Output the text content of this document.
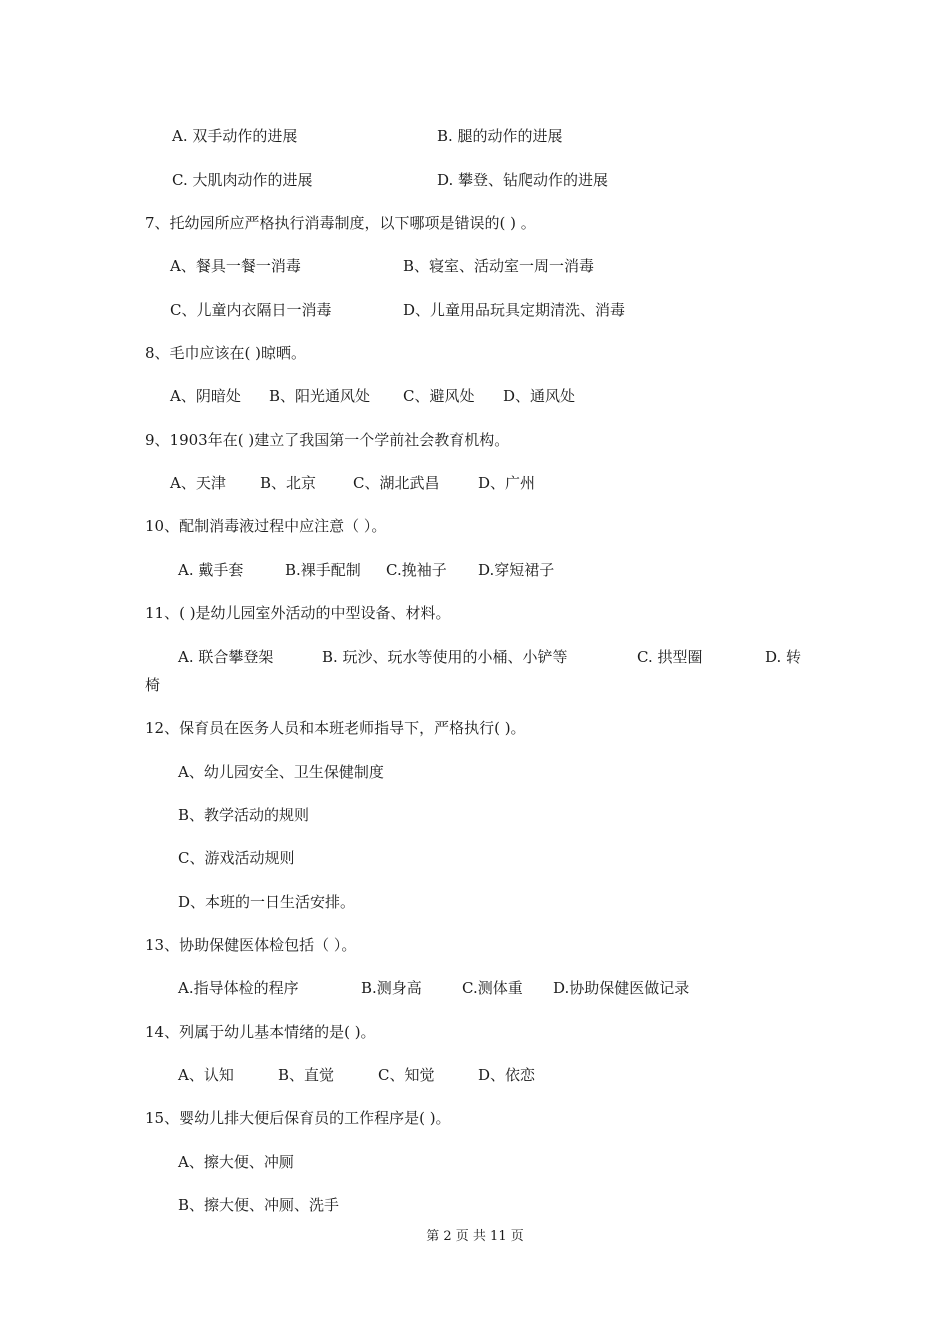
A. 双手动作的进展	B. 腿的动作的进展
C. 大肌肉动作的进展	D. 攀登、钻爬动作的进展
7、托幼园所应严格执行消毒制度，以下哪项是错误的( ) 。
A、餐具一餐一消毒	B、寝室、活动室一周一消毒
C、儿童内衣隔日一消毒	D、儿童用品玩具定期清洗、消毒
8、毛巾应该在( )晾晒。
A、阴暗处 B、阳光通风处 C、避风处 D、通风处
9、1903年在( )建立了我国第一个学前社会教育机构。
A、天津 B、北京 C、湖北武昌	D、广州
10、配制消毒液过程中应注意（ ）。
A. 戴手套	B.裸手配制 C.挽袖子 D.穿短裙子
11、( )是幼儿园室外活动的中型设备、材料。
A. 联合攀登架	B. 玩沙、玩水等使用的小桶、小铲等	C. 拱型圈	D. 转
椅
12、保育员在医务人员和本班老师指导下，严格执行( )。
A、幼儿园安全、卫生保健制度
B、教学活动的规则
C、游戏活动规则
D、本班的一日生活安排。
13、协助保健医体检包括（ ）。
A.指导体检的程序	B.测身高	C.测体重 D.协助保健医做记录
14、列属于幼儿基本情绪的是( )。
A、认知	B、直觉	C、知觉	D、依恋
15、婴幼儿排大便后保育员的工作程序是( )。
A、擦大便、冲厕
B、擦大便、冲厕、洗手
第 2 页 共 11 页
